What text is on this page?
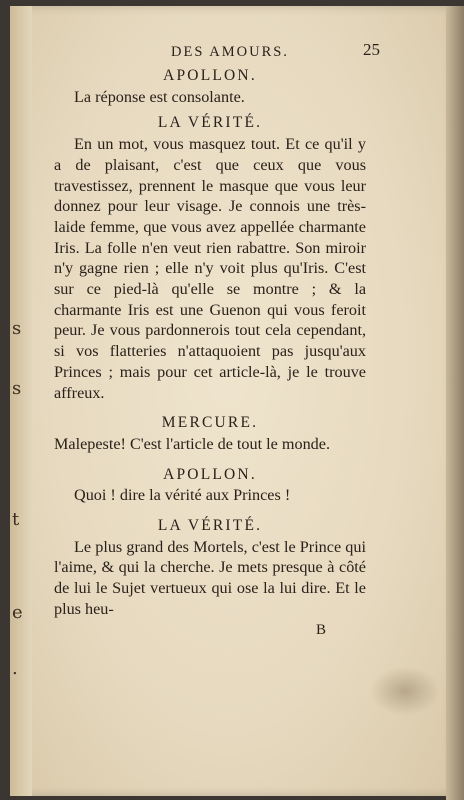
s
s
t
e
.
DES AMOURS.	25
APOLLON.

La réponse est consolante.

LA VÉRITÉ.

En un mot, vous masquez tout. Et ce qu'il y a de plaisant, c'est que ceux que vous travestissez, prennent le masque que vous leur donnez pour leur visage. Je connois une très-laide femme, que vous avez appellée charmante Iris. La folle n'en veut rien rabattre. Son miroir n'y gagne rien ; elle n'y voit plus qu'Iris. C'est sur ce pied-là qu'elle se montre ; & la charmante Iris est une Guenon qui vous feroit peur. Je vous pardonnerois tout cela cependant, si vos flatteries n'attaquoient pas jusqu'aux Princes ; mais pour cet article-là, je le trouve affreux.

MERCURE.

Malepeste! C'est l'article de tout le monde.

APOLLON.

Quoi ! dire la vérité aux Princes !

LA VÉRITÉ.

Le plus grand des Mortels, c'est le Prince qui l'aime, & qui la cherche. Je mets presque à côté de lui le Sujet vertueux qui ose la lui dire. Et le plus heu-

B
